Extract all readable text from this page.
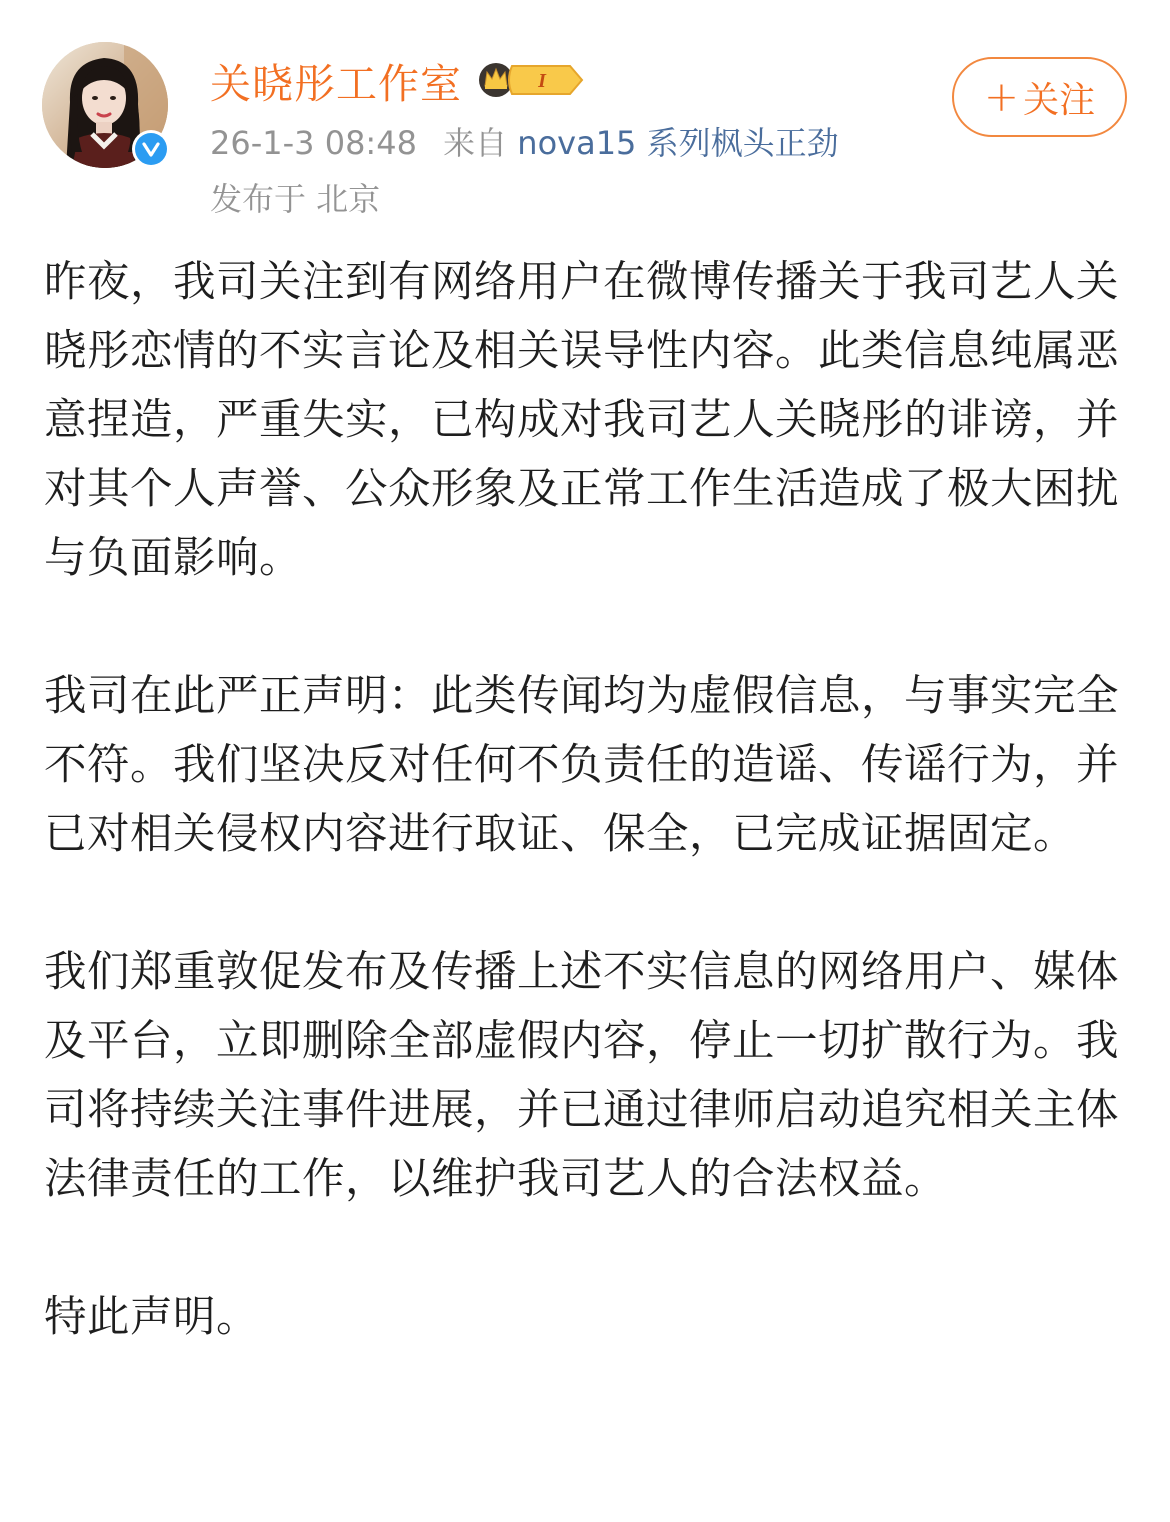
关晓彤工作室	I
26-1-3 08:48 来自 nova15 系列枫头正劲
发布于 北京
+ 关注

昨夜，我司关注到有网络用户在微博传播关于我司艺人关晓彤恋情的不实言论及相关误导性内容。此类信息纯属恶意捏造，严重失实，已构成对我司艺人关晓彤的诽谤，并对其个人声誉、公众形象及正常工作生活造成了极大困扰与负面影响。

我司在此严正声明：此类传闻均为虚假信息，与事实完全不符。我们坚决反对任何不负责任的造谣、传谣行为，并已对相关侵权内容进行取证、保全，已完成证据固定。

我们郑重敦促发布及传播上述不实信息的网络用户、媒体及平台，立即删除全部虚假内容，停止一切扩散行为。我司将持续关注事件进展，并已通过律师启动追究相关主体法律责任的工作，以维护我司艺人的合法权益。

特此声明。
